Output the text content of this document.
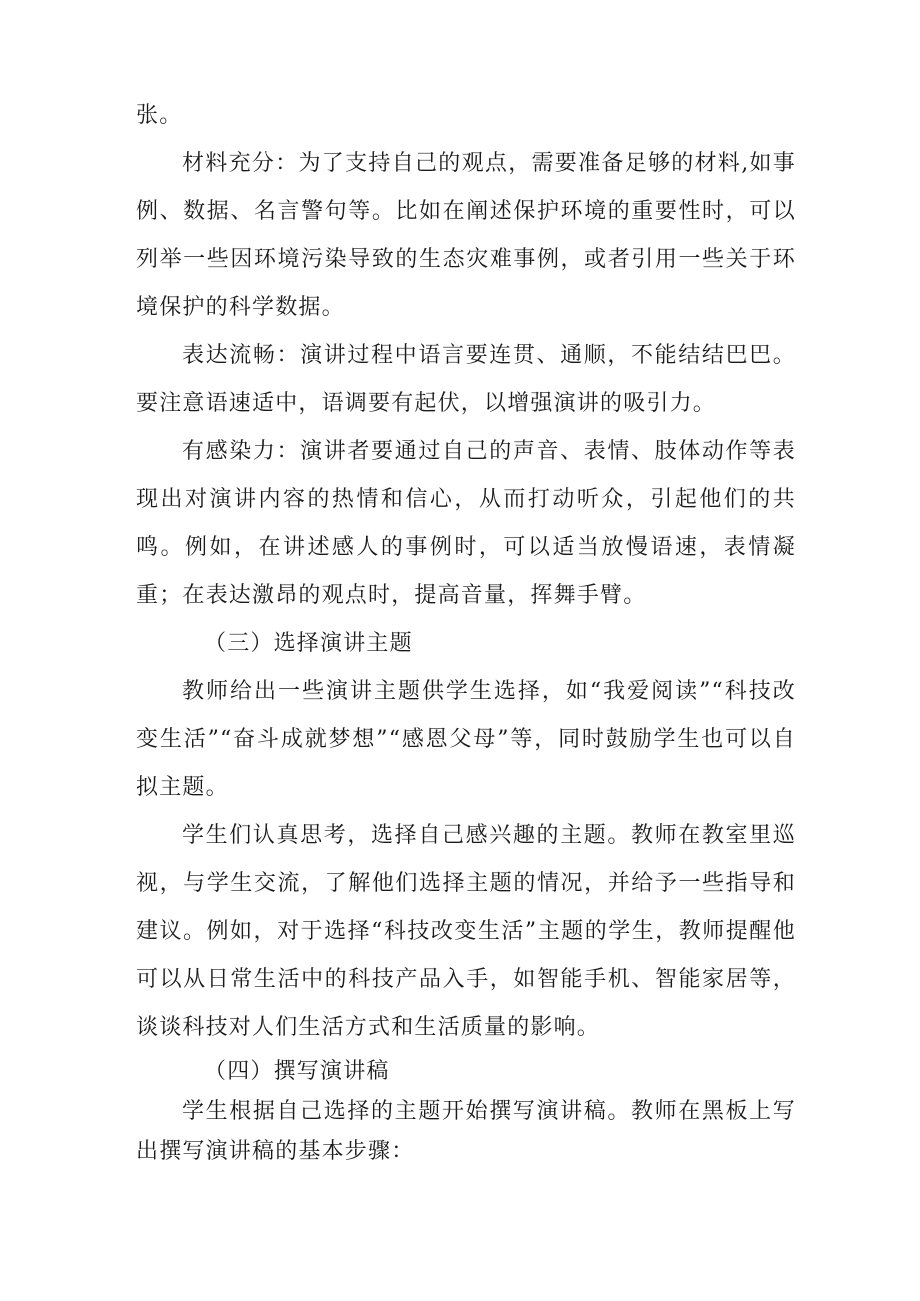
张。

材料充分：为了支持自己的观点，需要准备足够的材料,如事例、数据、名言警句等。比如在阐述保护环境的重要性时，可以列举一些因环境污染导致的生态灾难事例，或者引用一些关于环境保护的科学数据。

表达流畅：演讲过程中语言要连贯、通顺，不能结结巴巴。要注意语速适中，语调要有起伏，以增强演讲的吸引力。

有感染力：演讲者要通过自己的声音、表情、肢体动作等表现出对演讲内容的热情和信心，从而打动听众，引起他们的共鸣。例如，在讲述感人的事例时，可以适当放慢语速，表情凝重；在表达激昂的观点时，提高音量，挥舞手臂。

（三）选择演讲主题

教师给出一些演讲主题供学生选择，如“我爱阅读”“科技改变生活”“奋斗成就梦想”“感恩父母”等，同时鼓励学生也可以自拟主题。

学生们认真思考，选择自己感兴趣的主题。教师在教室里巡视，与学生交流，了解他们选择主题的情况，并给予一些指导和建议。例如，对于选择“科技改变生活”主题的学生，教师提醒他可以从日常生活中的科技产品入手，如智能手机、智能家居等，谈谈科技对人们生活方式和生活质量的影响。

（四）撰写演讲稿

学生根据自己选择的主题开始撰写演讲稿。教师在黑板上写出撰写演讲稿的基本步骤：
